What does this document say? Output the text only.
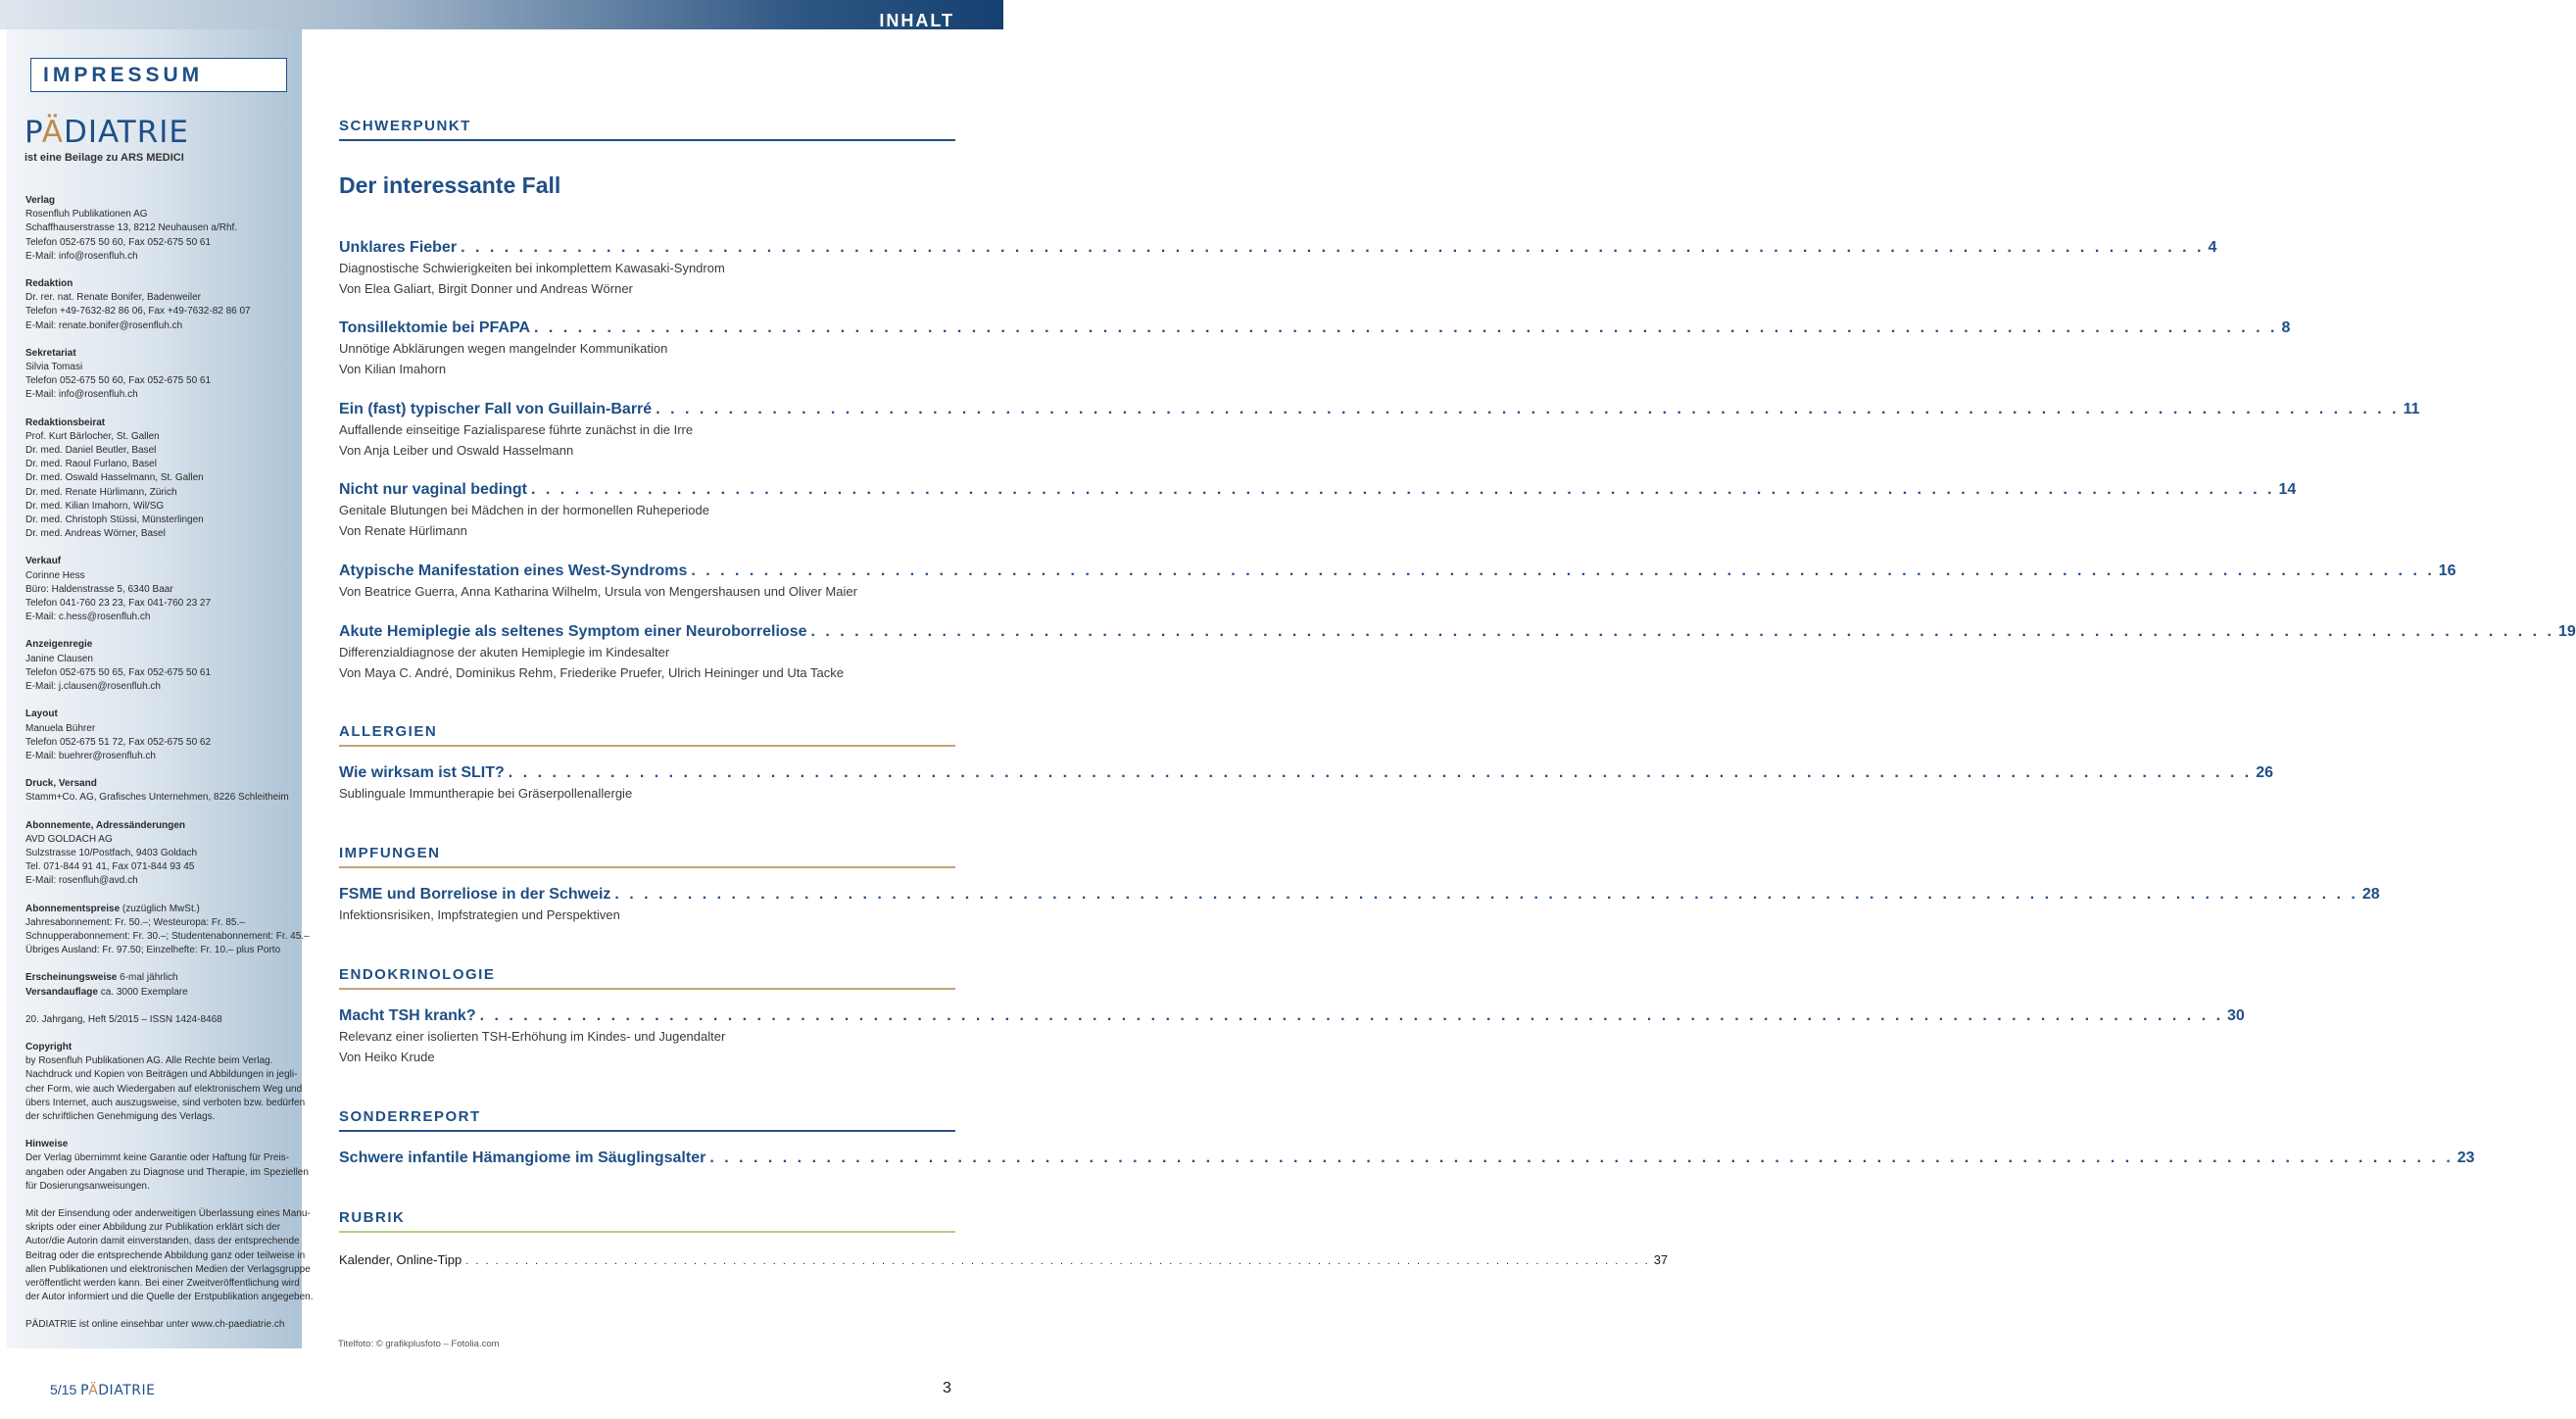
INHALT
IMPRESSUM
PÄDIATRIE
ist eine Beilage zu ARS MEDICI
Verlag
Rosenfluh Publikationen AG
Schaffhauserstrasse 13, 8212 Neuhausen a/Rhf.
Telefon 052-675 50 60, Fax 052-675 50 61
E-Mail: info@rosenfluh.ch
Redaktion
Dr. rer. nat. Renate Bonifer, Badenweiler
Telefon +49-7632-82 86 06, Fax +49-7632-82 86 07
E-Mail: renate.bonifer@rosenfluh.ch
Sekretariat
Silvia Tomasi
Telefon 052-675 50 60, Fax 052-675 50 61
E-Mail: info@rosenfluh.ch
Redaktionsbeirat
Prof. Kurt Bärlocher, St. Gallen
Dr. med. Daniel Beutler, Basel
Dr. med. Raoul Furlano, Basel
Dr. med. Oswald Hasselmann, St. Gallen
Dr. med. Renate Hürlimann, Zürich
Dr. med. Kilian Imahorn, Wil/SG
Dr. med. Christoph Stüssi, Münsterlingen
Dr. med. Andreas Wörner, Basel
Verkauf
Corinne Hess
Büro: Haldenstrasse 5, 6340 Baar
Telefon 041-760 23 23, Fax 041-760 23 27
E-Mail: c.hess@rosenfluh.ch
Anzeigenregie
Janine Clausen
Telefon 052-675 50 65, Fax 052-675 50 61
E-Mail: j.clausen@rosenfluh.ch
Layout
Manuela Bührer
Telefon 052-675 51 72, Fax 052-675 50 62
E-Mail: buehrer@rosenfluh.ch
Druck, Versand
Stamm+Co. AG, Grafisches Unternehmen, 8226 Schleitheim
Abonnemente, Adressänderungen
AVD GOLDACH AG
Sulzstrasse 10/Postfach, 9403 Goldach
Tel. 071-844 91 41, Fax 071-844 93 45
E-Mail: rosenfluh@avd.ch
Abonnementspreise (zuzüglich MwSt.)
Jahresabonnement: Fr. 50.–; Westeuropa: Fr. 85.–
Schnupperabonnement: Fr. 30.–; Studentenabonnement: Fr. 45.–
Übriges Ausland: Fr. 97.50; Einzelhefte: Fr. 10.– plus Porto
Erscheinungsweise 6-mal jährlich
Versandauflage ca. 3000 Exemplare
20. Jahrgang, Heft 5/2015 – ISSN 1424-8468
Copyright
by Rosenfluh Publikationen AG. Alle Rechte beim Verlag.
Nachdruck und Kopien von Beiträgen und Abbildungen in jegli-
cher Form, wie auch Wiedergaben auf elektronischem Weg und
übers Internet, auch auszugsweise, sind verboten bzw. bedürfen
der schriftlichen Genehmigung des Verlags.
Hinweise
Der Verlag übernimmt keine Garantie oder Haftung für Preis-
angaben oder Angaben zu Diagnose und Therapie, im Speziellen
für Dosierungsanweisungen.
Mit der Einsendung oder anderweitigen Überlassung eines Manu-
skripts oder einer Abbildung zur Publikation erklärt sich der
Autor/die Autorin damit einverstanden, dass der entsprechende
Beitrag oder die entsprechende Abbildung ganz oder teilweise in
allen Publikationen und elektronischen Medien der Verlagsgruppe
veröffentlicht werden kann. Bei einer Zweitveröffentlichung wird
der Autor informiert und die Quelle der Erstpublikation angegeben.
PÄDIATRIE ist online einsehbar unter www.ch-paediatrie.ch
SCHWERPUNKT
Der interessante Fall
Unklares Fieber . . . . . . . . . . . . . . . . . . . . . . . . . . . . . . . . . . . . . . . . . . . . . . . . . . . . . . . . . . . . . . . . . . . . . . . . . . . . . . . . . . . . . . . . . . . . . . . . . . . . . . . . . . . . . . . . . . . . . . . . 4
Diagnostische Schwierigkeiten bei inkomplettem Kawasaki-Syndrom
Von Elea Galiart, Birgit Donner und Andreas Wörner
Tonsillektomie bei PFAPA . . . . . . . . . . . . . . . . . . . . . . . . . . . . . . . . . . . . . . . . . . . . . . . . . . . . . . . . . . . . . . . . . . . . . . . . . . . . . . . . . . . . . . . . . . . . . . . . . . . . . . . . . . . . . . . . . . . . . . . . 8
Unnötige Abklärungen wegen mangelnder Kommunikation
Von Kilian Imahorn
Ein (fast) typischer Fall von Guillain-Barré . . . . . . . . . . . . . . . . . . . . . . . . . . . . . . . . . . . . . . . . . . . . . . . . . . . . . . . . . . . . . . . . . . . . . . . . . . . . . . . . . . . . . . . . . . . . . . . . . . . . . . . . . . . . . . . . . . . . . . . . 11
Auffallende einseitige Fazialisparese führte zunächst in die Irre
Von Anja Leiber und Oswald Hasselmann
Nicht nur vaginal bedingt . . . . . . . . . . . . . . . . . . . . . . . . . . . . . . . . . . . . . . . . . . . . . . . . . . . . . . . . . . . . . . . . . . . . . . . . . . . . . . . . . . . . . . . . . . . . . . . . . . . . . . . . . . . . . . . . . . . . . . . . 14
Genitale Blutungen bei Mädchen in der hormonellen Ruheperiode
Von Renate Hürlimann
Atypische Manifestation eines West-Syndroms . . . . . . . . . . . . . . . . . . . . . . . . . . . . . . . . . . . . . . . . . . . . . . . . . . . . . . . . . . . . . . . . . . . . . . . . . . . . . . . . . . . . . . . . . . . . . . . . . . . . . . . . . . . . . . . . . . . . . . . . 16
Von Beatrice Guerra, Anna Katharina Wilhelm, Ursula von Mengershausen und Oliver Maier
Akute Hemiplegie als seltenes Symptom einer Neuroborreliose . . . . . . . . . . . . . . . . . . . . . . . . . . . . . . . . . . . . . . . . . . . . . . . . . . . . . . . . . . . . . . . . . . . . . . . . . . . . . . . . . . . . . . . . . . . . . . . . . . . . . . . . . . . . . . . . . . . . . . . . 19
Differenzialdiagnose der akuten Hemiplegie im Kindesalter
Von Maya C. André, Dominikus Rehm, Friederike Pruefer, Ulrich Heininger und Uta Tacke
ALLERGIEN
Wie wirksam ist SLIT? . . . . . . . . . . . . . . . . . . . . . . . . . . . . . . . . . . . . . . . . . . . . . . . . . . . . . . . . . . . . . . . . . . . . . . . . . . . . . . . . . . . . . . . . . . . . . . . . . . . . . . . . . . . . . . . . . . . . . . . . 26
Sublinguale Immuntherapie bei Gräserpollenallergie
IMPFUNGEN
FSME und Borreliose in der Schweiz . . . . . . . . . . . . . . . . . . . . . . . . . . . . . . . . . . . . . . . . . . . . . . . . . . . . . . . . . . . . . . . . . . . . . . . . . . . . . . . . . . . . . . . . . . . . . . . . . . . . . . . . . . . . . . . . . . . . . . . . 28
Infektionsrisiken, Impfstrategien und Perspektiven
ENDOKRINOLOGIE
Macht TSH krank? . . . . . . . . . . . . . . . . . . . . . . . . . . . . . . . . . . . . . . . . . . . . . . . . . . . . . . . . . . . . . . . . . . . . . . . . . . . . . . . . . . . . . . . . . . . . . . . . . . . . . . . . . . . . . . . . . . . . . . . . 30
Relevanz einer isolierten TSH-Erhöhung im Kindes- und Jugendalter
Von Heiko Krude
SONDERREPORT
Schwere infantile Hämangiome im Säuglingsalter . . . . . . . . . . . . . . . . . . . . . . . . . . . . . . . . . . . . . . . . . . . . . . . . . . . . . . . . . . . . . . . . . . . . . . . . . . . . . . . . . . . . . . . . . . . . . . . . . . . . . . . . . . . . . . . . . . . . . . . . 23
RUBRIK
Kalender, Online-Tipp . . . . . . . . . . . . . . . . . . . . . . . . . . . . . . . . . . . . . . . . . . . . . . . . . . . . . . . . . . . . . . . . . . . . . . . . . . . . . . . . . . . . . . . . . . . . . . . . . . . . . . . . . . . . . . . . . . . . . . . . 37
Titelfoto: © grafikplusfoto – Fotolia.com
5/15 PÄDIATRIE	3
